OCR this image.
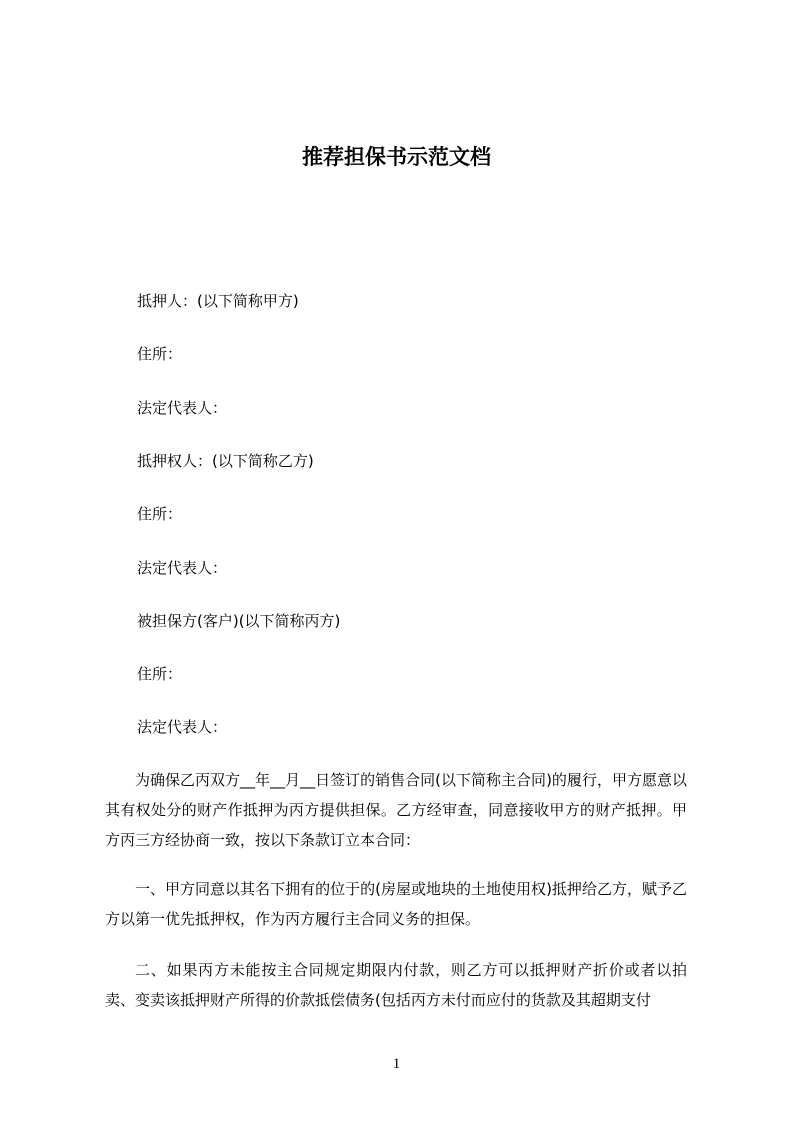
推荐担保书示范文档
抵押人：(以下简称甲方)
住所：
法定代表人：
抵押权人：(以下简称乙方)
住所：
法定代表人：
被担保方(客户)(以下简称丙方)
住所：
法定代表人：
为确保乙丙双方__年__月__日签订的销售合同(以下简称主合同)的履行，甲方愿意以其有权处分的财产作抵押为丙方提供担保。乙方经审查，同意接收甲方的财产抵押。甲方丙三方经协商一致，按以下条款订立本合同：
一、甲方同意以其名下拥有的位于的(房屋或地块的土地使用权)抵押给乙方，赋予乙方以第一优先抵押权，作为丙方履行主合同义务的担保。
二、如果丙方未能按主合同规定期限内付款，则乙方可以抵押财产折价或者以拍卖、变卖该抵押财产所得的价款抵偿债务(包括丙方未付而应付的货款及其超期支付
1
